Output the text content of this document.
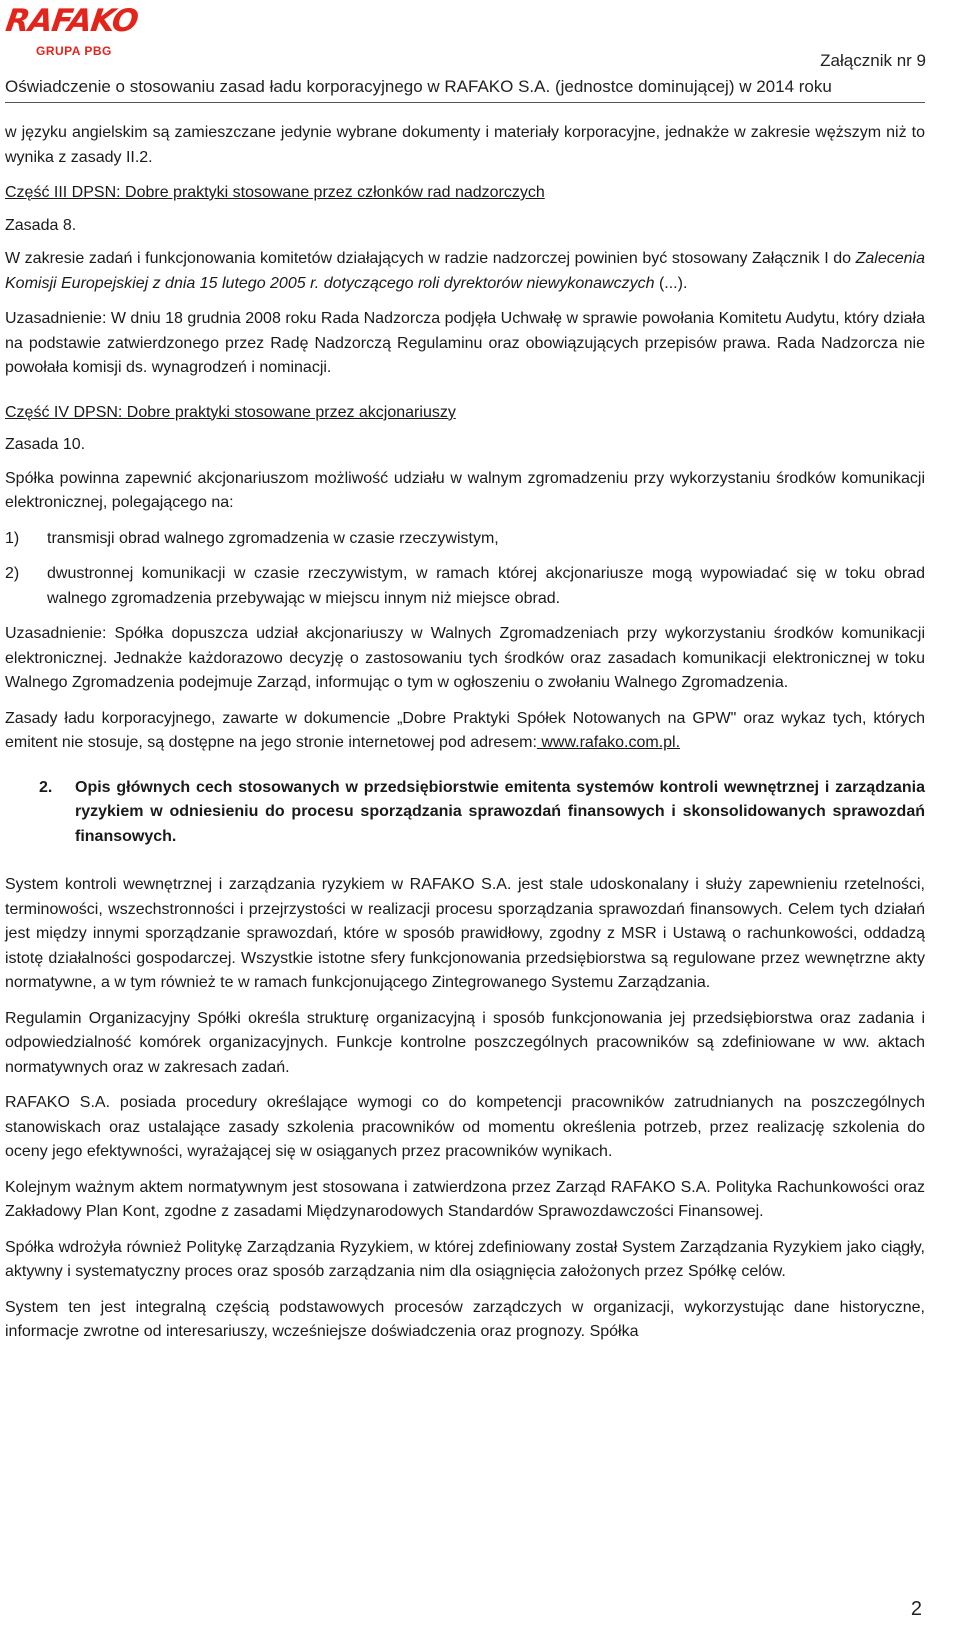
RAFAKO
GRUPA PBG	Załącznik nr 9
Oświadczenie o stosowaniu zasad ładu korporacyjnego w RAFAKO S.A. (jednostce dominującej) w 2014 roku

w języku angielskim są zamieszczane jedynie wybrane dokumenty i materiały korporacyjne, jednakże w zakresie węższym niż to wynika z zasady II.2.

Część III DPSN: Dobre praktyki stosowane przez członków rad nadzorczych

Zasada 8.

W zakresie zadań i funkcjonowania komitetów działających w radzie nadzorczej powinien być stosowany Załącznik I do Zalecenia Komisji Europejskiej z dnia 15 lutego 2005 r. dotyczącego roli dyrektorów niewykonawczych (...).

Uzasadnienie: W dniu 18 grudnia 2008 roku Rada Nadzorcza podjęła Uchwałę w sprawie powołania Komitetu Audytu, który działa na podstawie zatwierdzonego przez Radę Nadzorczą Regulaminu oraz obowiązujących przepisów prawa. Rada Nadzorcza nie powołała komisji ds. wynagrodzeń i nominacji.

Część IV DPSN: Dobre praktyki stosowane przez akcjonariuszy

Zasada 10.

Spółka powinna zapewnić akcjonariuszom możliwość udziału w walnym zgromadzeniu przy wykorzystaniu środków komunikacji elektronicznej, polegającego na:

1)	transmisji obrad walnego zgromadzenia w czasie rzeczywistym,
2)	dwustronnej komunikacji w czasie rzeczywistym, w ramach której akcjonariusze mogą wypowiadać się w toku obrad walnego zgromadzenia przebywając w miejscu innym niż miejsce obrad.

Uzasadnienie: Spółka dopuszcza udział akcjonariuszy w Walnych Zgromadzeniach przy wykorzystaniu środków komunikacji elektronicznej. Jednakże każdorazowo decyzję o zastosowaniu tych środków oraz zasadach komunikacji elektronicznej w toku Walnego Zgromadzenia podejmuje Zarząd, informując o tym w ogłoszeniu o zwołaniu Walnego Zgromadzenia.

Zasady ładu korporacyjnego, zawarte w dokumencie „Dobre Praktyki Spółek Notowanych na GPW" oraz wykaz tych, których emitent nie stosuje, są dostępne na jego stronie internetowej pod adresem: www.rafako.com.pl.

2.	Opis głównych cech stosowanych w przedsiębiorstwie emitenta systemów kontroli wewnętrznej i zarządzania ryzykiem w odniesieniu do procesu sporządzania sprawozdań finansowych i skonsolidowanych sprawozdań finansowych.

System kontroli wewnętrznej i zarządzania ryzykiem w RAFAKO S.A. jest stale udoskonalany i służy zapewnieniu rzetelności, terminowości, wszechstronności i przejrzystości w realizacji procesu sporządzania sprawozdań finansowych. Celem tych działań jest między innymi sporządzanie sprawozdań, które w sposób prawidłowy, zgodny z MSR i Ustawą o rachunkowości, oddadzą istotę działalności gospodarczej. Wszystkie istotne sfery funkcjonowania przedsiębiorstwa są regulowane przez wewnętrzne akty normatywne, a w tym również te w ramach funkcjonującego Zintegrowanego Systemu Zarządzania.

Regulamin Organizacyjny Spółki określa strukturę organizacyjną i sposób funkcjonowania jej przedsiębiorstwa oraz zadania i odpowiedzialność komórek organizacyjnych. Funkcje kontrolne poszczególnych pracowników są zdefiniowane w ww. aktach normatywnych oraz w zakresach zadań.

RAFAKO S.A. posiada procedury określające wymogi co do kompetencji pracowników zatrudnianych na poszczególnych stanowiskach oraz ustalające zasady szkolenia pracowników od momentu określenia potrzeb, przez realizację szkolenia do oceny jego efektywności, wyrażającej się w osiąganych przez pracowników wynikach.

Kolejnym ważnym aktem normatywnym jest stosowana i zatwierdzona przez Zarząd RAFAKO S.A. Polityka Rachunkowości oraz Zakładowy Plan Kont, zgodne z zasadami Międzynarodowych Standardów Sprawozdawczości Finansowej.

Spółka wdrożyła również Politykę Zarządzania Ryzykiem, w której zdefiniowany został System Zarządzania Ryzykiem jako ciągły, aktywny i systematyczny proces oraz sposób zarządzania nim dla osiągnięcia założonych przez Spółkę celów.

System ten jest integralną częścią podstawowych procesów zarządczych w organizacji, wykorzystując dane historyczne, informacje zwrotne od interesariuszy, wcześniejsze doświadczenia oraz prognozy. Spółka

2
